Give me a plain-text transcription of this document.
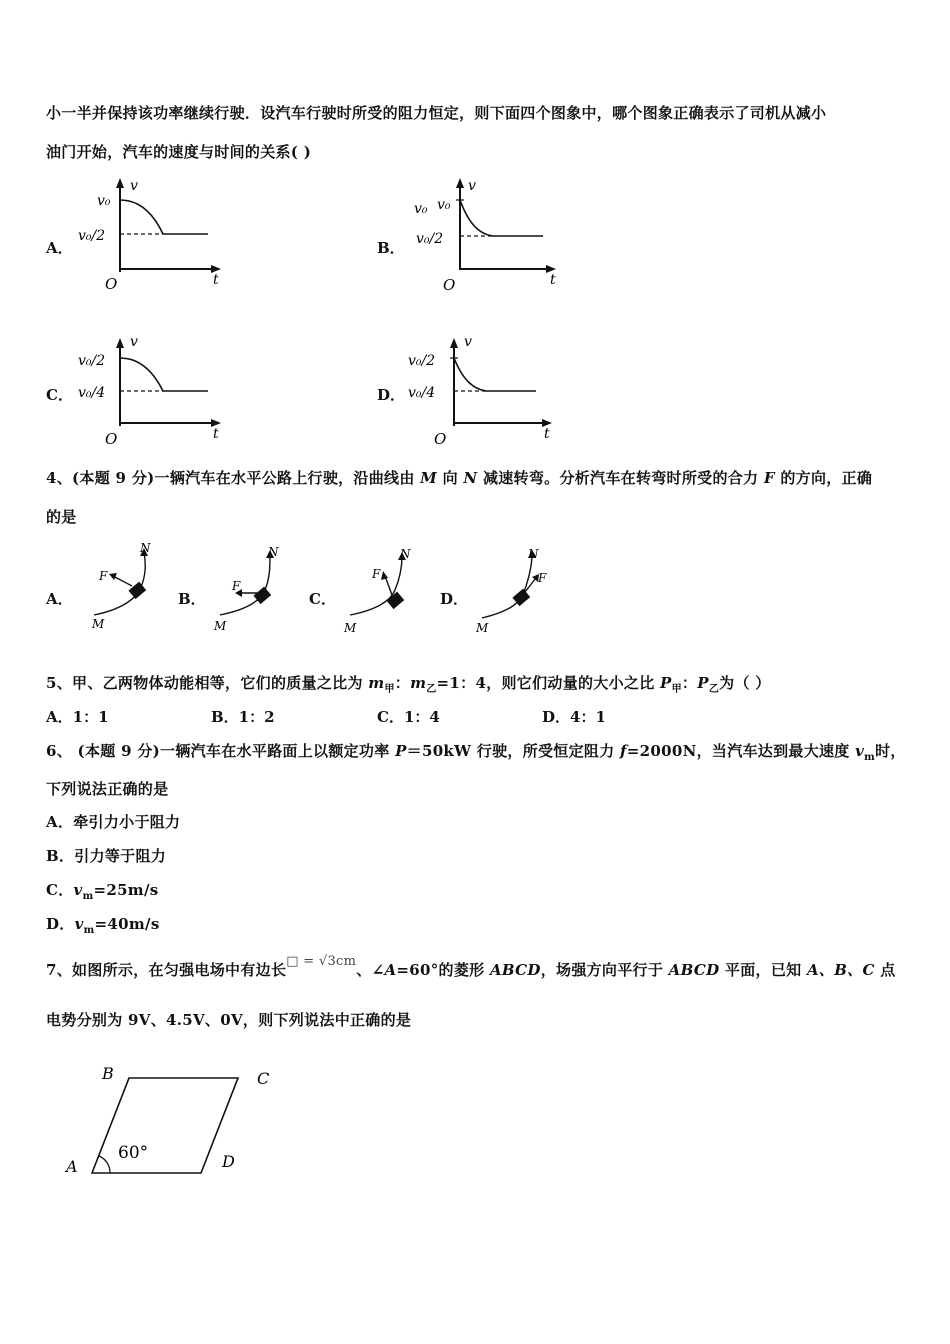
小一半并保持该功率继续行驶．设汽车行驶时所受的阻力恒定，则下面四个图象中，哪个图象正确表示了司机从减小
油门开始，汽车的速度与时间的关系( )
A．
v
v₀
v₀/2
t
O
B．
v
v₀ v₀
v₀/2
t
O
C．
v
v₀/2
v₀/4
t
O
D．
v
v₀/2
v₀/4
t
O
4、(本题 9 分)一辆汽车在水平公路上行驶，沿曲线由 M 向 N 减速转弯。分析汽车在转弯时所受的合力 F 的方向，正确
的是
A．
N
M
F
B．
N
M
F
C．
N
M
F
D．
N
M
F
5、甲、乙两物体动能相等，它们的质量之比为 $m_甲$：$m_乙=1$：4，则它们动量的大小之比 $P_甲$：$P_乙$为（ ）
A．1：1	B．1：2	C．1：4	D．4：1
6、 (本题 9 分)一辆汽车在水平路面上以额定功率 P＝50kW 行驶，所受恒定阻力 f=2000N，当汽车达到最大速度 $v_m$时，
下列说法正确的是
A．牵引力小于阻力
B．引力等于阻力
C．$v_m=25m/s$
D．$v_m=40m/s$
7、如图所示，在匀强电场中有边长□ = √3cm、∠A=60°的菱形 ABCD，场强方向平行于 ABCD 平面，已知 A、B、C 点
电势分别为 9V、4.5V、0V，则下列说法中正确的是
60°
A
B	C
D
